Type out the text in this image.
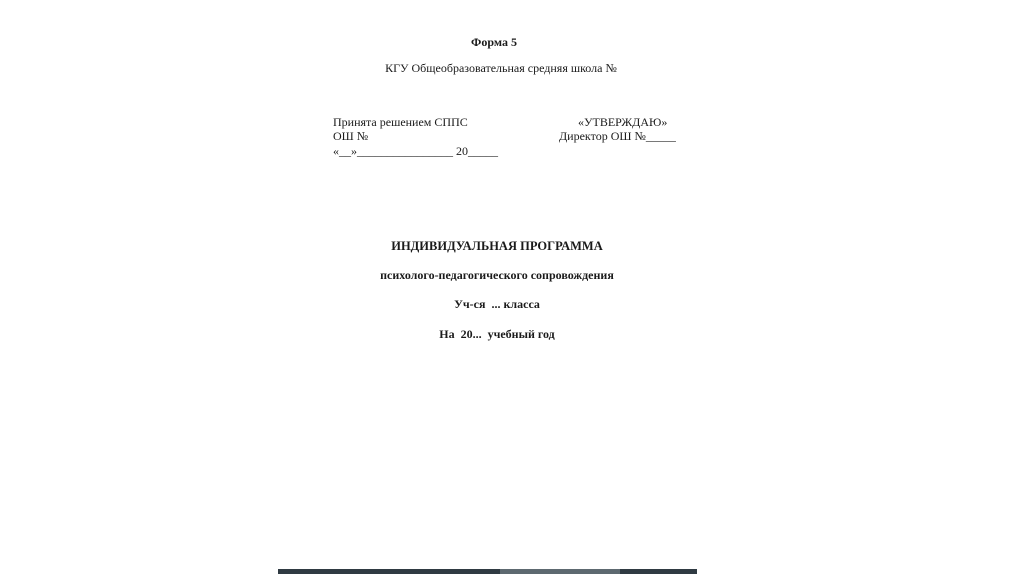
Форма 5
КГУ Общеобразовательная средняя школа №
Принята решением СППС
ОШ №
«__»________________ 20_____
«УТВЕРЖДАЮ»
Директор ОШ №_____
ИНДИВИДУАЛЬНАЯ ПРОГРАММА
психолого-педагогического сопровождения
Уч-ся  ... класса
На  20...  учебный год
